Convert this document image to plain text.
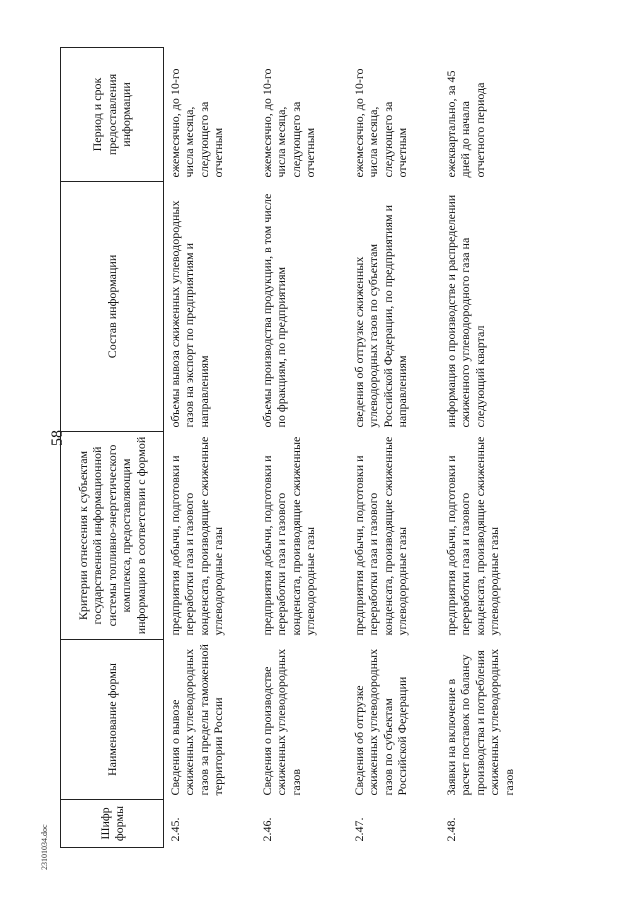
58
23101034.doc
Шифр формы	Наименование формы	Критерии отнесения к субъектам государственной информационной системы топливно-энергетического комплекса, предоставляющим информацию в соответствии с формой	Состав информации	Период и срок предоставления информации
2.45.	Сведения о вывозе сжиженных углеводородных газов за пределы таможенной территории России	предприятия добычи, подготовки и переработки газа и газового конденсата, производящие сжиженные углеводородные газы	объемы вывоза сжиженных углеводородных газов на экспорт по предприятиям и направлениям	ежемесячно, до 10-го числа месяца, следующего за отчетным
2.46.	Сведения о производстве сжиженных углеводородных газов	предприятия добычи, подготовки и переработки газа и газового конденсата, производящие сжиженные углеводородные газы	объемы производства продукции, в том числе по фракциям, по предприятиям	ежемесячно, до 10-го числа месяца, следующего за отчетным
2.47.	Сведения об отгрузке сжиженных углеводородных газов по субъектам Российской Федерации	предприятия добычи, подготовки и переработки газа и газового конденсата, производящие сжиженные углеводородные газы	сведения об отгрузке сжиженных углеводородных газов по субъектам Российской Федерации, по предприятиям и направлениям	ежемесячно, до 10-го числа месяца, следующего за отчетным
2.48.	Заявки на включение в расчет поставок по балансу производства и потребления сжиженных углеводородных газов	предприятия добычи, подготовки и переработки газа и газового конденсата, производящие сжиженные углеводородные газы	информация о производстве и распределении сжиженного углеводородного газа на следующий квартал	ежеквартально, за 45 дней до начала отчетного периода
